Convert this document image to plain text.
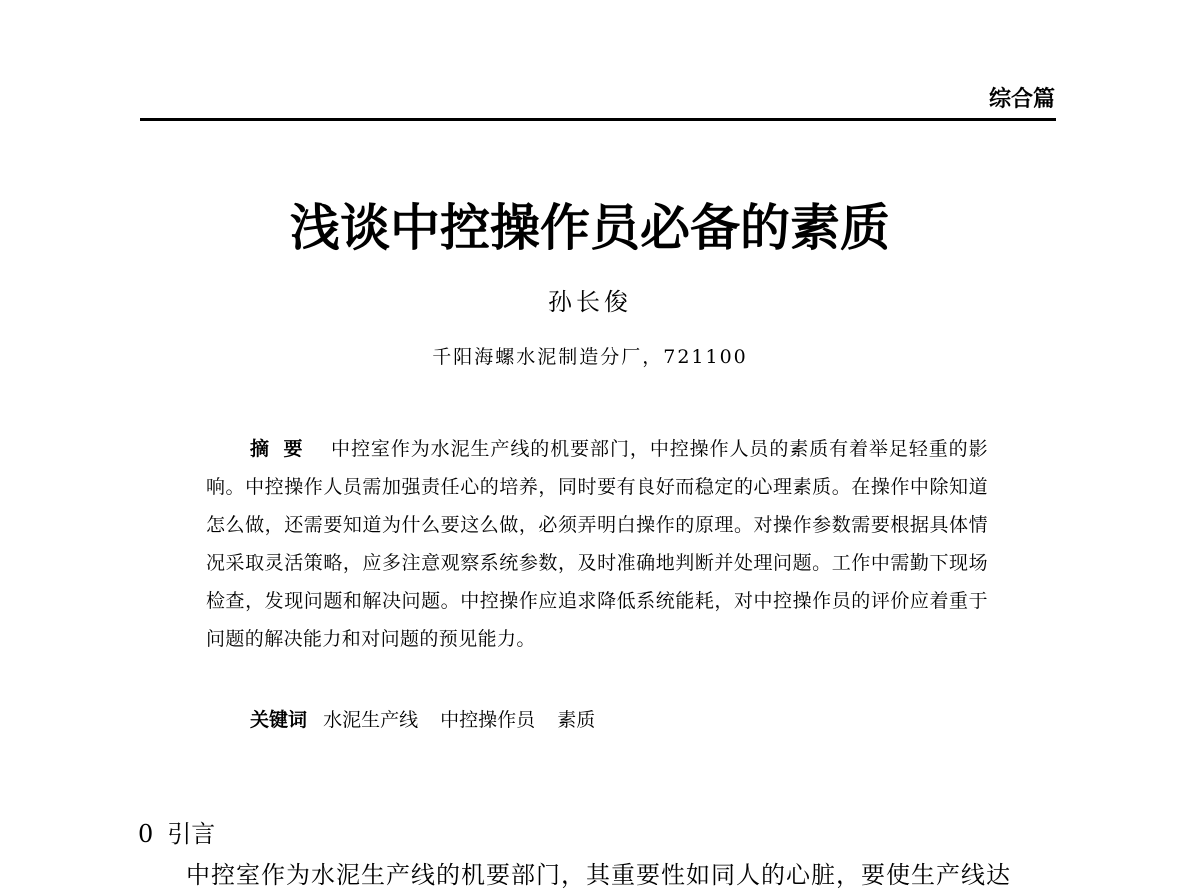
综合篇
浅谈中控操作员必备的素质
孙长俊
千阳海螺水泥制造分厂，721100
摘要 中控室作为水泥生产线的机要部门，中控操作人员的素质有着举足轻重的影响。中控操作人员需加强责任心的培养，同时要有良好而稳定的心理素质。在操作中除知道怎么做，还需要知道为什么要这么做，必须弄明白操作的原理。对操作参数需要根据具体情况采取灵活策略，应多注意观察系统参数，及时准确地判断并处理问题。工作中需勤下现场检查，发现问题和解决问题。中控操作应追求降低系统能耗，对中控操作员的评价应着重于问题的解决能力和对问题的预见能力。
关键词 水泥生产线 中控操作员 素质
0 引言
中控室作为水泥生产线的机要部门，其重要性如同人的心脏，要使生产线达
